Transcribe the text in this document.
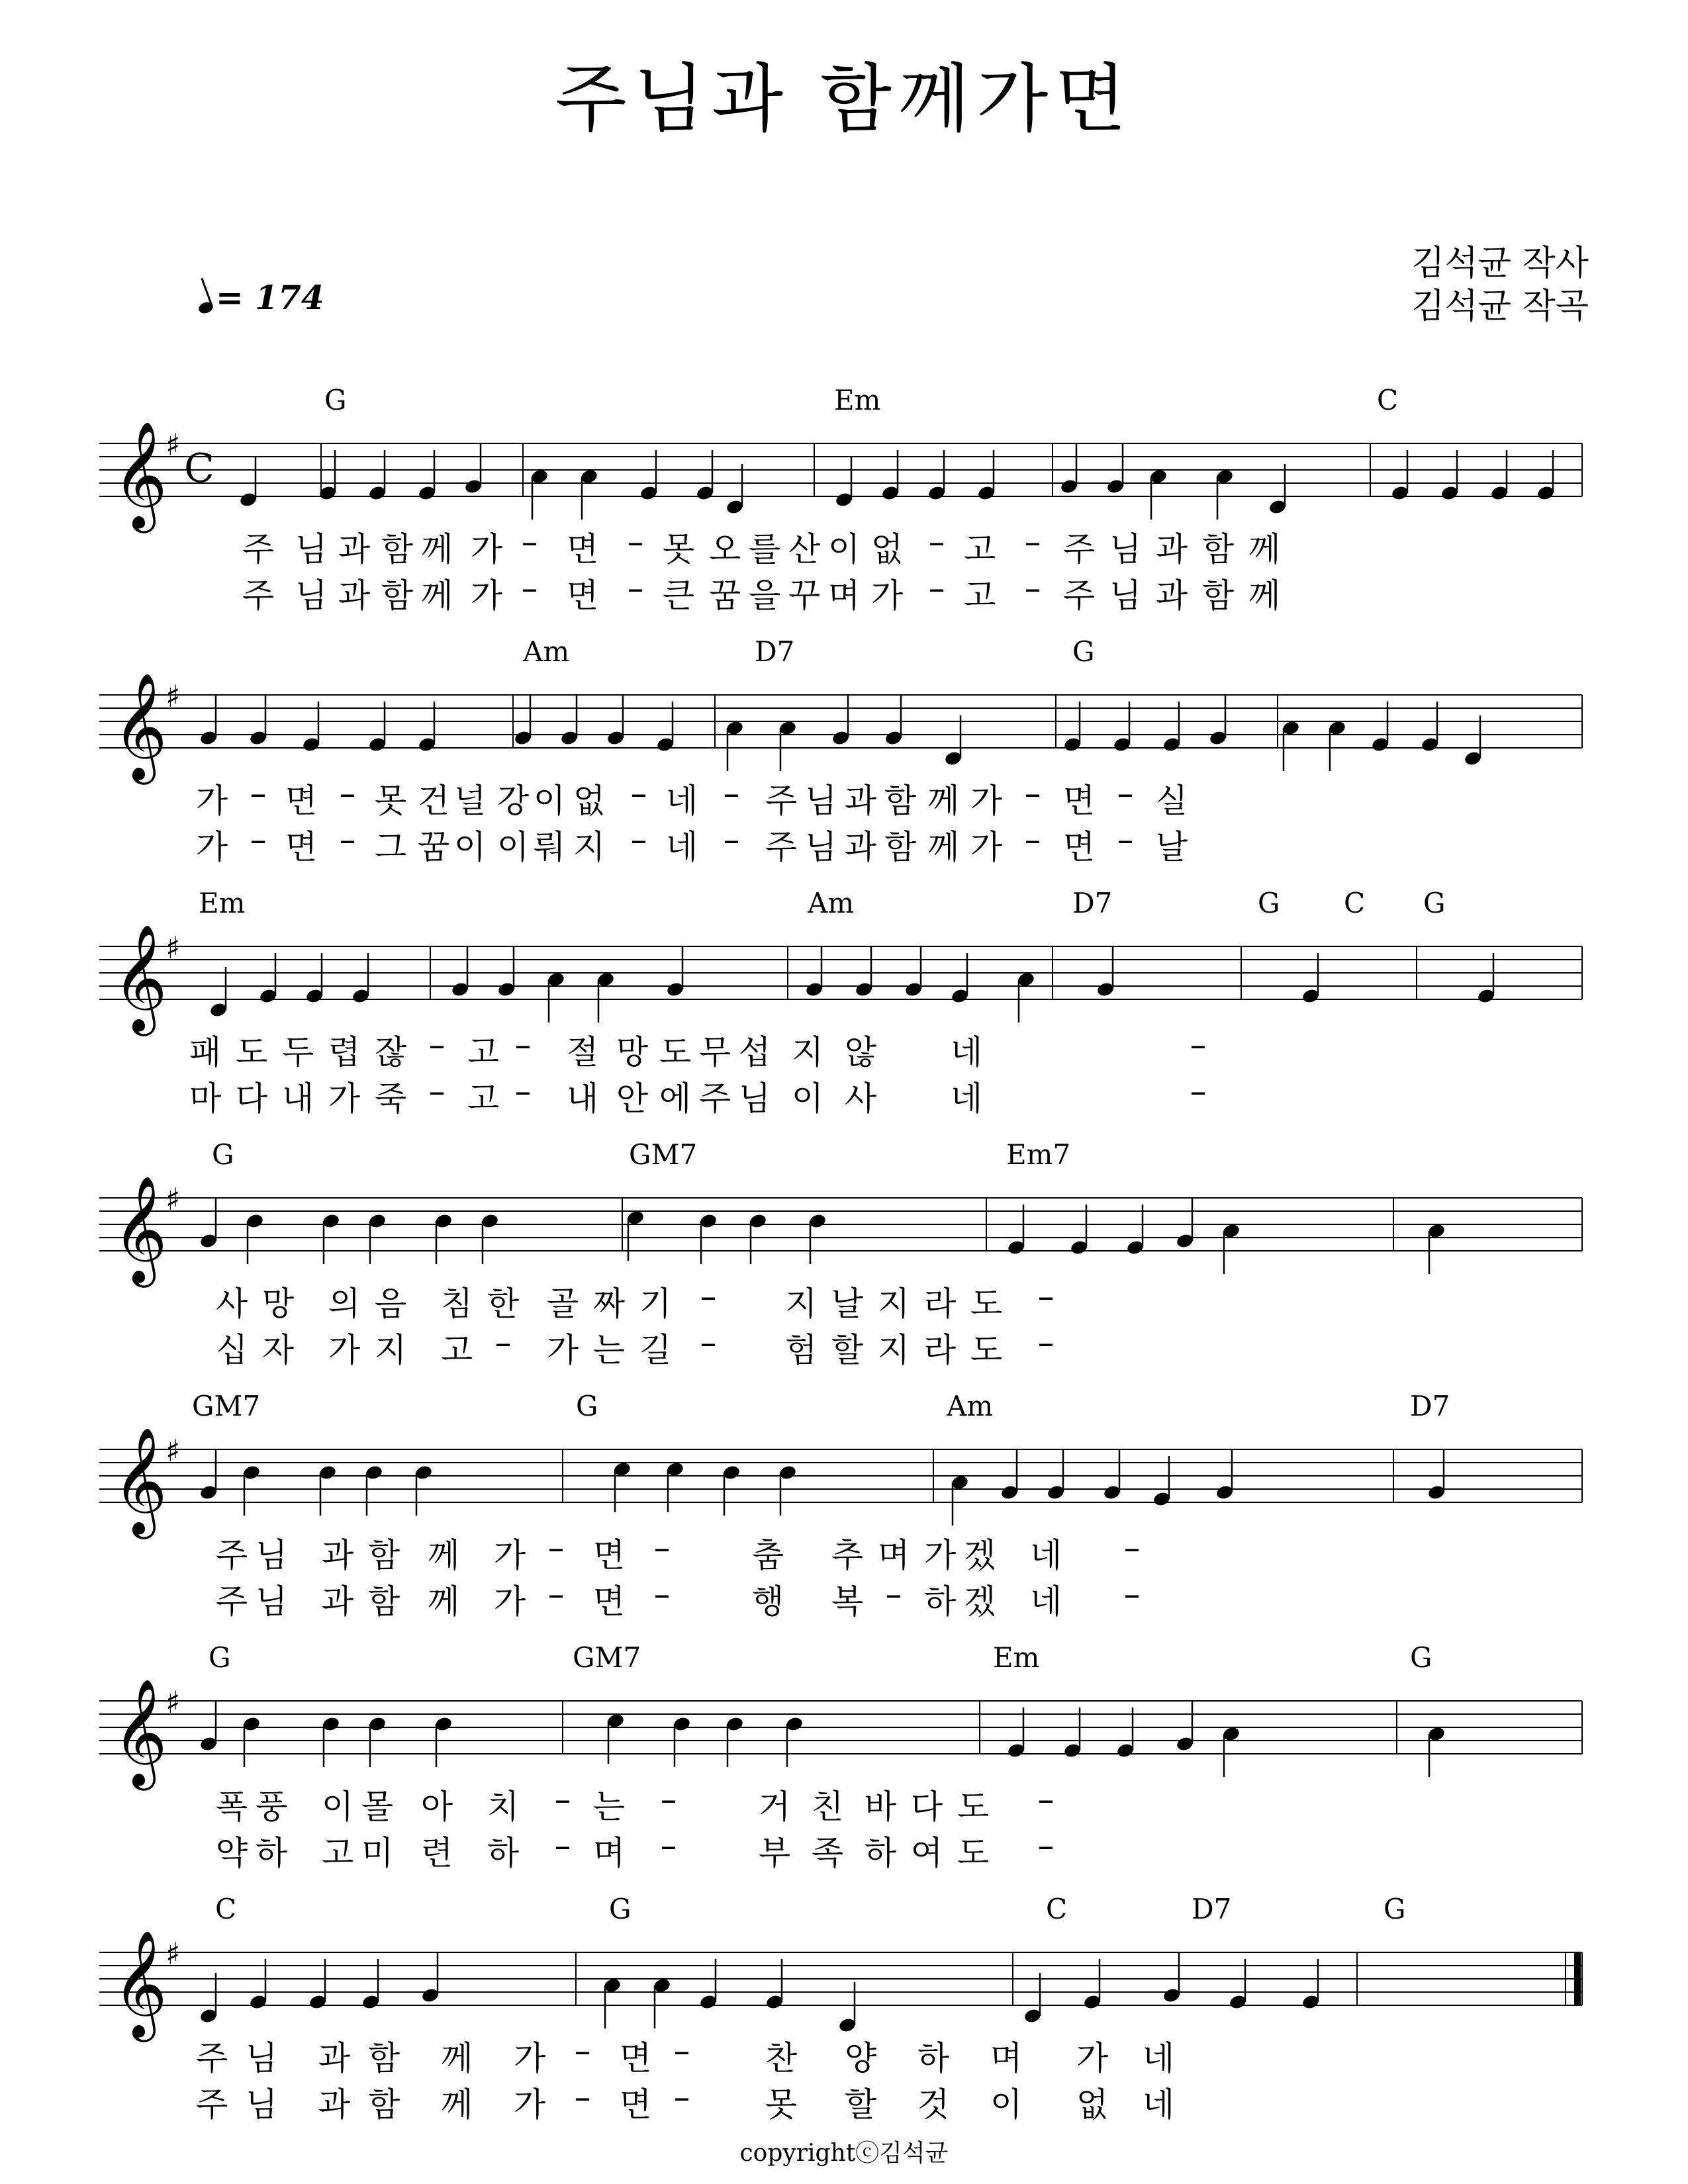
주님과 함께가면
김석균 작사
김석균 작곡
= 174
𝄞
♯
C
G	Em	C
주 님 과 함 께 가 – 면 – 못 오 를 산 이 없 – 고 – 주 님 과 함 께
주 님 과 함 께 가 – 면 – 큰 꿈 을 꾸 며 가 – 고 – 주 님 과 함 께
𝄞
♯
Am	D7	G
가 – 면 – 못 건 널 강 이 없 – 네 – 주 님 과 함 께 가 – 면 – 실
가 – 면 – 그 꿈 이 이 뤄 지 – 네 – 주 님 과 함 께 가 – 면 – 날
𝄞
♯
Em	Am	D7	G C G
패 도 두 렵 잖 – 고 – 절 망 도 무 섭 지 않 네	–
마 다 내 가 죽 – 고 – 내 안 에 주 님 이 사 네	–
𝄞
♯
G	GM7	Em7
사 망 의 음 침 한 골 짜 기 – 지 날 지 라 도 –
십 자 가 지 고 – 가 는 길 – 험 할 지 라 도 –
𝄞
♯
GM7	G	Am	D7
주 님 과 함 께 가 – 면 – 춤 추 며 가 겠 네 –
주 님 과 함 께 가 – 면 – 행 복 – 하 겠 네 –
𝄞
♯
G	GM7	Em	G
폭 풍 이 몰 아 치 – 는 – 거 친 바 다 도 –
약 하 고 미 련 하 – 며 – 부 족 하 여 도 –
𝄞
♯
C	G	C	D7	G
주 님 과 함 께 가 – 면 – 찬 양 하 며 가 네
주 님 과 함 께 가 – 면 – 못 할 것 이 없 네
copyrightⓒ김석균
